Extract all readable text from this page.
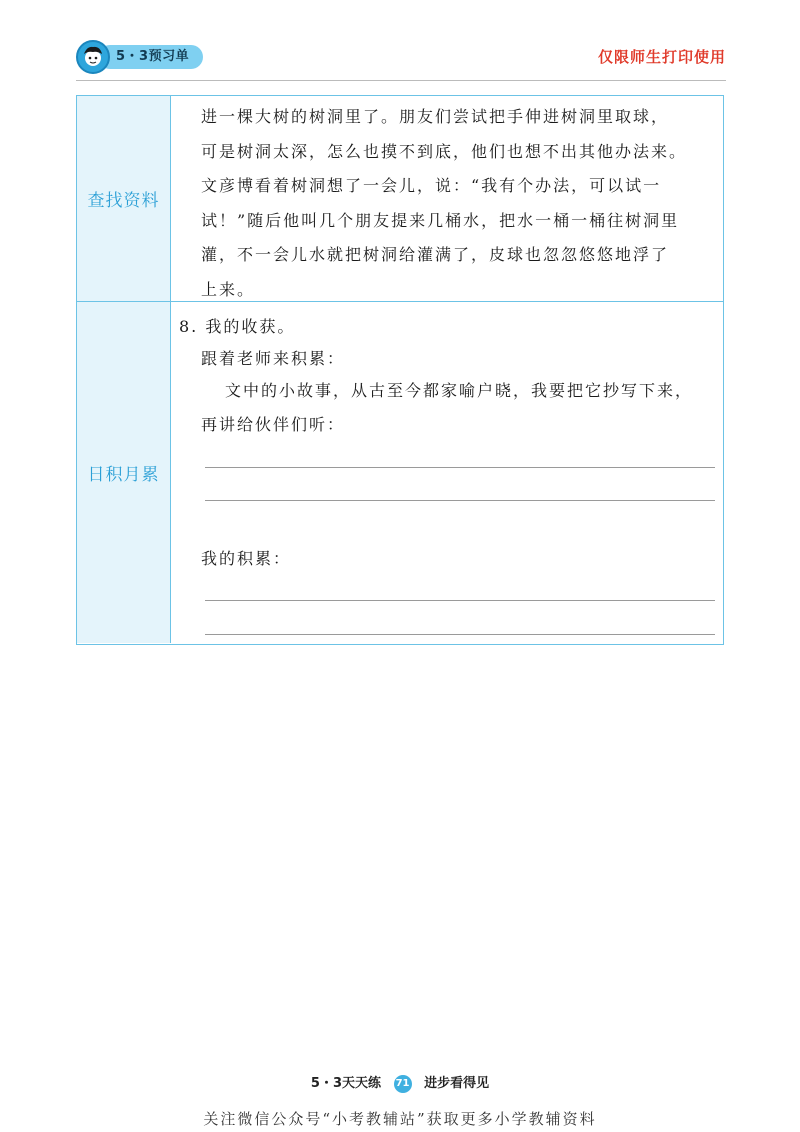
5・3预习单	仅限师生打印使用
查找资料
进一棵大树的树洞里了。朋友们尝试把手伸进树洞里取球，
可是树洞太深，怎么也摸不到底，他们也想不出其他办法来。
文彦博看着树洞想了一会儿，说：“我有个办法，可以试一
试！”随后他叫几个朋友提来几桶水，把水一桶一桶往树洞里
灌，不一会儿水就把树洞给灌满了，皮球也忽忽悠悠地浮了
上来。
日积月累
8. 我的收获。
跟着老师来积累：
文中的小故事，从古至今都家喻户晓，我要把它抄写下来，
再讲给伙伴们听：
我的积累：
5・3天天练 71 进步看得见
关注微信公众号“小考教辅站”获取更多小学教辅资料
